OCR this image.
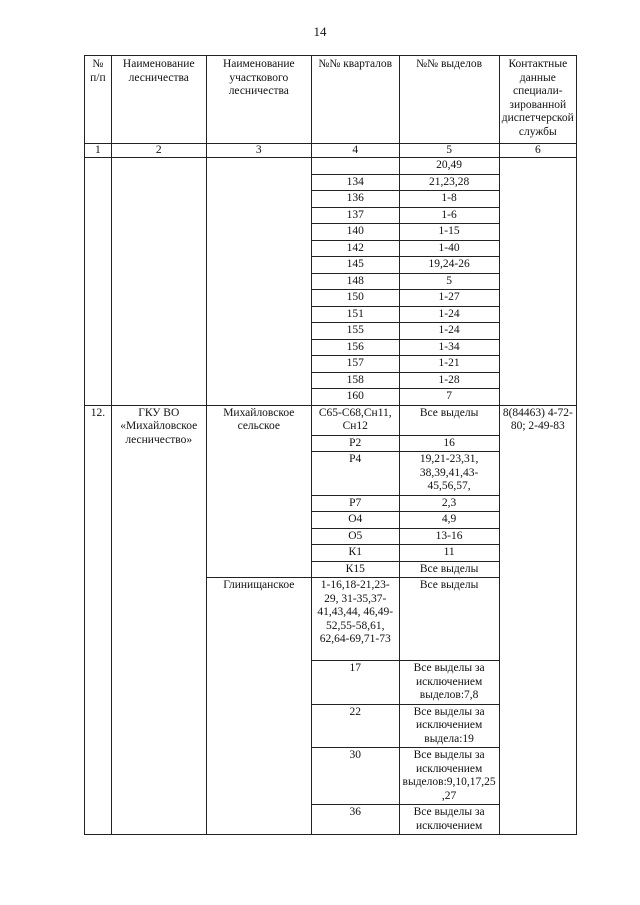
14
№ п/п	Наименование лесничества	Наименование участкового лесничества	№№ кварталов	№№ выделов	Контактные данные специали-зированной диспетчерской службы
1	2	3	4	5	6
				20,49	
			134	21,23,28	
			136	1-8	
			137	1-6	
			140	1-15	
			142	1-40	
			145	19,24-26	
			148	5	
			150	1-27	
			151	1-24	
			155	1-24	
			156	1-34	
			157	1-21	
			158	1-28	
			160	7	
12.	ГКУ ВО «Михайловское лесничество»	Михайловское сельское	С65-С68,Сн11, Сн12	Все выделы	8(84463) 4-72-80; 2-49-83
			Р2	16	
			Р4	19,21-23,31, 38,39,41,43-45,56,57,	
			Р7	2,3	
			О4	4,9	
			О5	13-16	
			К1	11	
			К15	Все выделы	
		Глинищанское	1-16,18-21,23-29, 31-35,37-41,43,44, 46,49-52,55-58,61, 62,64-69,71-73	Все выделы	
			17	Все выделы за исключением выделов:7,8	
			22	Все выделы за исключением выдела:19	
			30	Все выделы за исключением выделов:9,10,17,25,27	
			36	Все выделы за исключением	
